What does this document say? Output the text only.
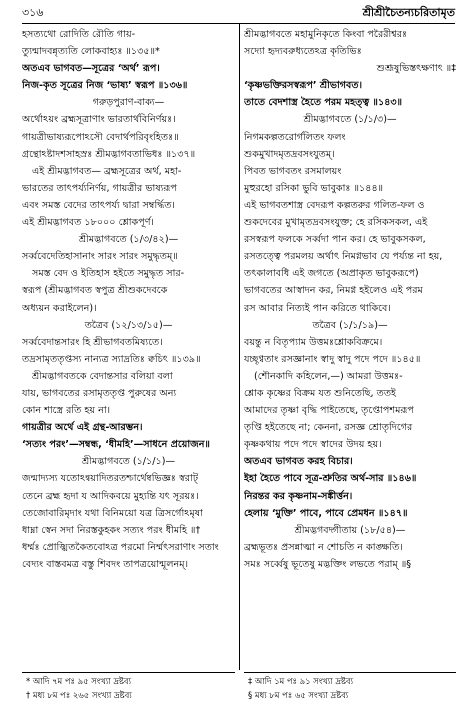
৩১৬	শ্রীশ্রীচৈতন্যচরিতামৃত

হসত্যথো রোদিতি রৌতি গায়-

ত্যুন্মাদবন্নৃত্যতি লোকবাহ্যঃ ॥১৩৫॥*

অতএব ভাগবত—সূত্রের ‘অর্থ’ রূপ।

নিজ-কৃত সূত্রের নিজ ‘ভাষ্য’ স্বরূপ ॥১৩৬॥

গরুড়পুরাণ-বাক্য—

অর্থোঽয়ং ব্রহ্মসূত্রাণাং ভারতার্থবিনির্ণয়ঃ।

গায়ত্রীভাষ্যরূপোঽসৌ বেদার্থপরিবৃংহিতঃ॥

গ্রন্থোঽষ্টাদশসাহস্রঃ শ্রীমদ্ভাগবতাভিধঃ ॥১৩৭॥

এই শ্রীমদ্ভাগবত— ব্রহ্মসূত্রের অর্থ, মহা-

ভারতের তাৎপর্য্যনির্ণয়, গায়ত্রীর ভাষ্যরূপ

এবং সমস্ত বেদের তাৎপর্য্য দ্বারা সম্বর্দ্ধিত।

এই শ্রীমদ্ভাগবত ১৮০০০ শ্লোকপূর্ণ।

শ্রীমদ্ভাগবতে (১/৩/৪২)—

সর্ব্ববেদেতিহাসানাং সারং সারং সমুদ্ধৃতম্‌॥

সমস্ত বেদ ও ইতিহাস হইতে সমুদ্ধৃত সার-

স্বরূপ (শ্রীমদ্ভাগবত স্বপুত্র শ্রীশুকদেবকে

অধ্যয়ন করাইলেন)।

তত্রৈব (১২/১৩/১৫)—

সর্ব্ববেদান্তসারং হি শ্রীভাগবতমিষ্যতে।

তদ্রসামৃততৃপ্তস্য নান্যত্র স্যাদ্রতিঃ ক্বচিৎ ॥১৩৯॥

শ্রীমদ্ভাগবতকে বেদান্তসার বলিয়া বলা

যায়, ভাগবতের রসামৃততৃপ্ত পুরুষের অন্য

কোন শাস্ত্রে রতি হয় না।

গায়ত্রীর অর্থে এই গ্রন্থ-আরম্ভন।

‘সত্যং পরং’—সম্বন্ধ, ‘ধীমহি’—সাধনে প্রয়োজন॥

শ্রীমদ্ভাগবতে (১/১/১)—

জন্মাদ্যস্য যতোঽন্বয়াদিতরতশ্চার্থেষ্বভিজ্ঞঃ স্বরাট্‌

তেনে ব্রহ্ম হৃদা য আদিকবয়ে মুহ্যন্তি যৎ সূরয়ঃ।

তেজোবারিমৃদাং যথা বিনিময়ো যত্র ত্রিসর্গোঽমৃষা

ধাম্না স্বেন সদা নিরস্তকুহকং সত্যং পরং ধীমহি ॥†

ধর্ম্মঃ প্রোজ্ঝিতকৈতবোঽত্র পরমো নির্ম্মৎসরাণাং সতাং

বেদ্যং বাস্তবমত্র বস্তু শিবদং তাপত্রয়োন্মূলনম্‌।

শ্রীমদ্ভাগবতে মহামুনিকৃতে কিংবা পরৈরীশ্বরঃ

সদ্যো হৃদ্যবরুধ্যতেঽত্র কৃতিভিঃ

শুশ্রূষুভিস্তৎক্ষণাৎ ॥‡

‘কৃষ্ণভক্তিরসস্বরূপ’ শ্রীভাগবত।

তাতে বেদশাস্ত্র হৈতে পরম মহত্ত্ব ॥১৪৩॥

শ্রীমদ্ভাগবতে (১/১/৩)—

নিগমকল্পতরোর্গলিতং ফলং

শুকমুখাদমৃতদ্রবসংযুতম্‌।

পিবত ভাগবতং রসমালয়ং

মুহুরহো রসিকা ভুবি ভাবুকাঃ ॥১৪৪॥

এই ভাগবতশাস্ত্র বেদরূপ কল্পতরুর গলিত-ফল ও

শুকদেবের মুখামৃতদ্রবসংযুক্ত; হে রসিকসকল, এই

রসস্বরূপ ফলকে সর্ব্বদা পান কর। হে ভাবুকসকল,

রসতত্ত্বে পরমলয় অর্থাৎ নিমগ্নভাব যে পর্য্যন্ত না হয়,

তৎকালাবধি এই জগতে (অপ্রাকৃত ভাবুকরূপে)

ভাগবতের আস্বাদন কর, নিমগ্ন হইলেও এই পরম

রস আবার নিত্যই পান করিতে থাকিবে।

তত্রৈব (১/১/১৯)—

বয়ন্তু ন বিতৃপ্যাম উত্তমঃশ্লোকবিক্রমে।

যচ্ছৃণ্বতাং রসজ্ঞানাং স্বাদু স্বাদু পদে পদে ॥১৪৫॥

(শৌনকাদি কহিলেন,—) আমরা উত্তমঃ-

শ্লোক কৃষ্ণের বিক্রম যত শুনিতেছি, ততই

আমাদের তৃষ্ণা বৃদ্ধি পাইতেছে, তৃপ্তোপশমরূপ

তৃপ্তি হইতেছে না; কেননা, রসজ্ঞ শ্রোতৃদিগের

কৃষ্ণকথায় পদে পদে স্বাদের উদয় হয়।

অতএব ভাগবত করহ বিচার।

ইহা হৈতে পাবে সূত্র-শ্রুতির অর্থ-সার ॥১৪৬॥

নিরন্তর কর কৃষ্ণনাম-সঙ্কীর্ত্তন।

হেলায় ‘মুক্তি’ পাবে, পাবে প্রেমধন ॥১৪৭॥

শ্রীমদ্ভগবদ্গীতায় (১৮/৫৪)—

ব্রহ্মভূতঃ প্রসন্নাত্মা ন শোচতি ন কাঙ্ক্ষতি।

সমঃ সর্ব্বেষু ভূতেষু মদ্ভক্তিং লভতে পরাম্‌ ॥§

* আদি ৭ম পঃ ৯৫ সংখ্যা দ্রষ্টব্য

† মধ্য ৮ম পঃ ২৬৫ সংখ্যা দ্রষ্টব্য

‡ আদি ১ম পঃ ৯১ সংখ্যা দ্রষ্টব্য

§ মধ্য ৮ম পঃ ৬৫ সংখ্যা দ্রষ্টব্য
